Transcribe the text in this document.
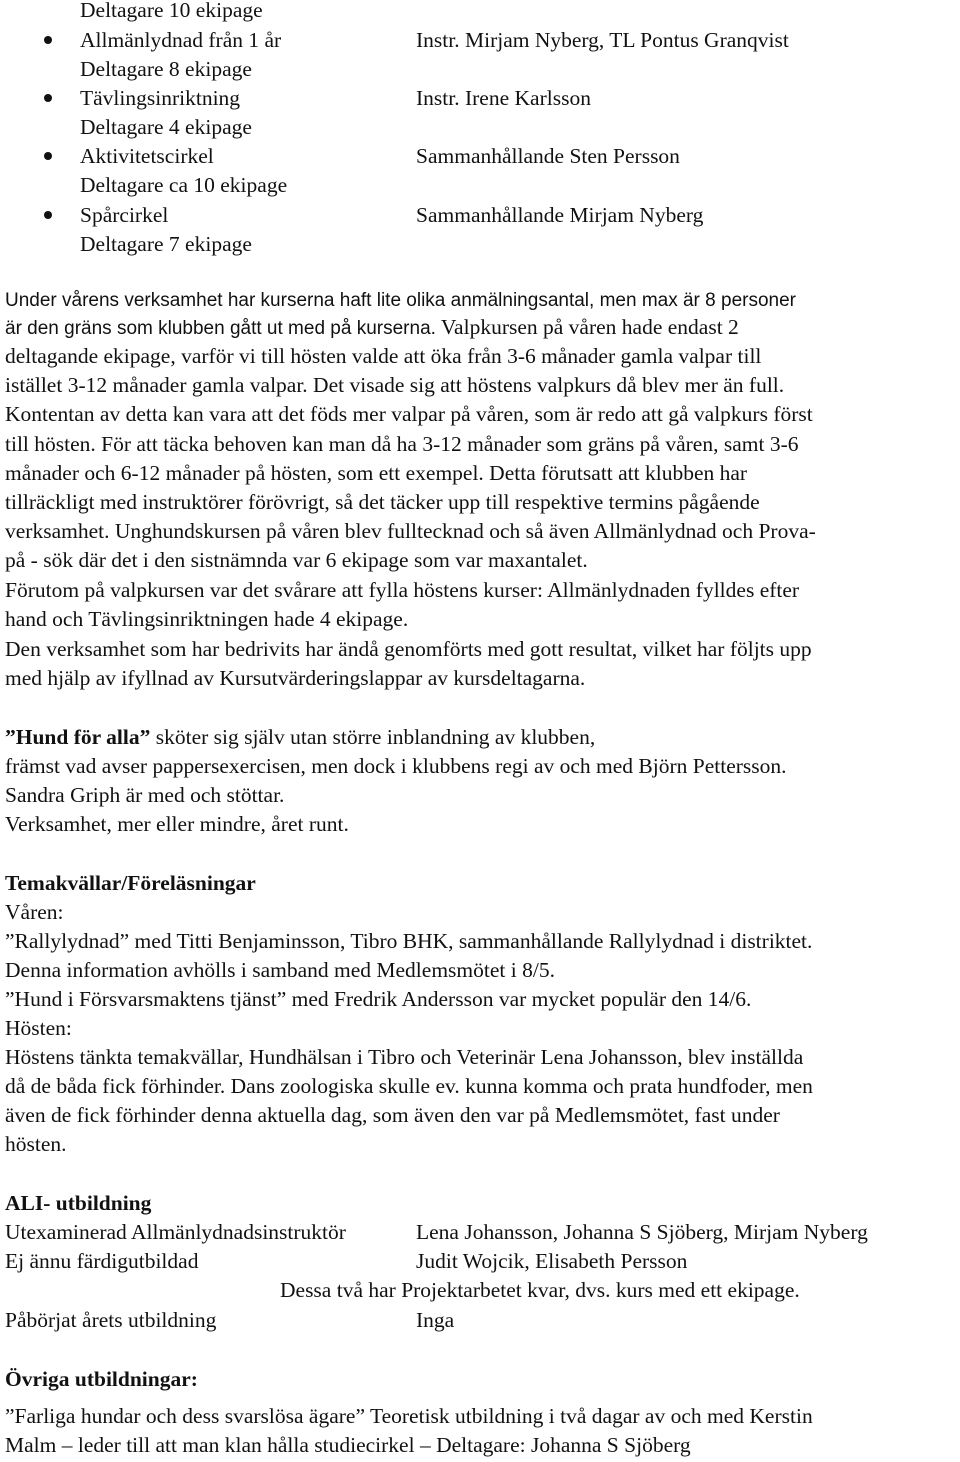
Deltagare 10 ekipage
Allmänlydnad från 1 år	Instr. Mirjam Nyberg, TL Pontus Granqvist
Deltagare 8 ekipage
Tävlingsinriktning	Instr. Irene Karlsson
Deltagare 4 ekipage
Aktivitetscirkel	Sammanhållande Sten Persson
Deltagare ca 10 ekipage
Spårcirkel	Sammanhållande Mirjam Nyberg
Deltagare 7 ekipage
Under vårens verksamhet har kurserna haft lite olika anmälningsantal, men max är 8 personer
är den gräns som klubben gått ut med på kurserna. Valpkursen på våren hade endast 2
deltagande ekipage, varför vi till hösten valde att öka från 3-6 månader gamla valpar till
istället 3-12 månader gamla valpar. Det visade sig att höstens valpkurs då blev mer än full.
Kontentan av detta kan vara att det föds mer valpar på våren, som är redo att gå valpkurs först
till hösten. För att täcka behoven kan man då ha 3-12 månader som gräns på våren, samt 3-6
månader och 6-12 månader på hösten, som ett exempel. Detta förutsatt att klubben har
tillräckligt med instruktörer förövrigt, så det täcker upp till respektive termins pågående
verksamhet. Unghundskursen på våren blev fulltecknad och så även Allmänlydnad och Prova-
på - sök där det i den sistnämnda var 6 ekipage som var maxantalet.
Förutom på valpkursen var det svårare att fylla höstens kurser: Allmänlydnaden fylldes efter
hand och Tävlingsinriktningen hade 4 ekipage.
Den verksamhet som har bedrivits har ändå genomförts med gott resultat, vilket har följts upp
med hjälp av ifyllnad av Kursutvärderingslappar av kursdeltagarna.
”Hund för alla” sköter sig själv utan större inblandning av klubben,
främst vad avser pappersexercisen, men dock i klubbens regi av och med Björn Pettersson.
Sandra Griph är med och stöttar.
Verksamhet, mer eller mindre, året runt.
Temakvällar/Föreläsningar
Våren:
”Rallylydnad” med Titti Benjaminsson, Tibro BHK, sammanhållande Rallylydnad i distriktet.
Denna information avhölls i samband med Medlemsmötet i 8/5.
”Hund i Försvarsmaktens tjänst” med Fredrik Andersson var mycket populär den 14/6.
Hösten:
Höstens tänkta temakvällar, Hundhälsan i Tibro och Veterinär Lena Johansson, blev inställda
då de båda fick förhinder. Dans zoologiska skulle ev. kunna komma och prata hundfoder, men
även de fick förhinder denna aktuella dag, som även den var på Medlemsmötet, fast under
hösten.
ALI- utbildning
Utexaminerad Allmänlydnadsinstruktör	Lena Johansson, Johanna S Sjöberg, Mirjam Nyberg
Ej ännu färdigutbildad	Judit Wojcik, Elisabeth Persson
Dessa två har Projektarbetet kvar, dvs. kurs med ett ekipage.
Påbörjat årets utbildning	Inga
Övriga utbildningar:
”Farliga hundar och dess svarslösa ägare” Teoretisk utbildning i två dagar av och med Kerstin
Malm – leder till att man klan hålla studiecirkel – Deltagare: Johanna S Sjöberg
